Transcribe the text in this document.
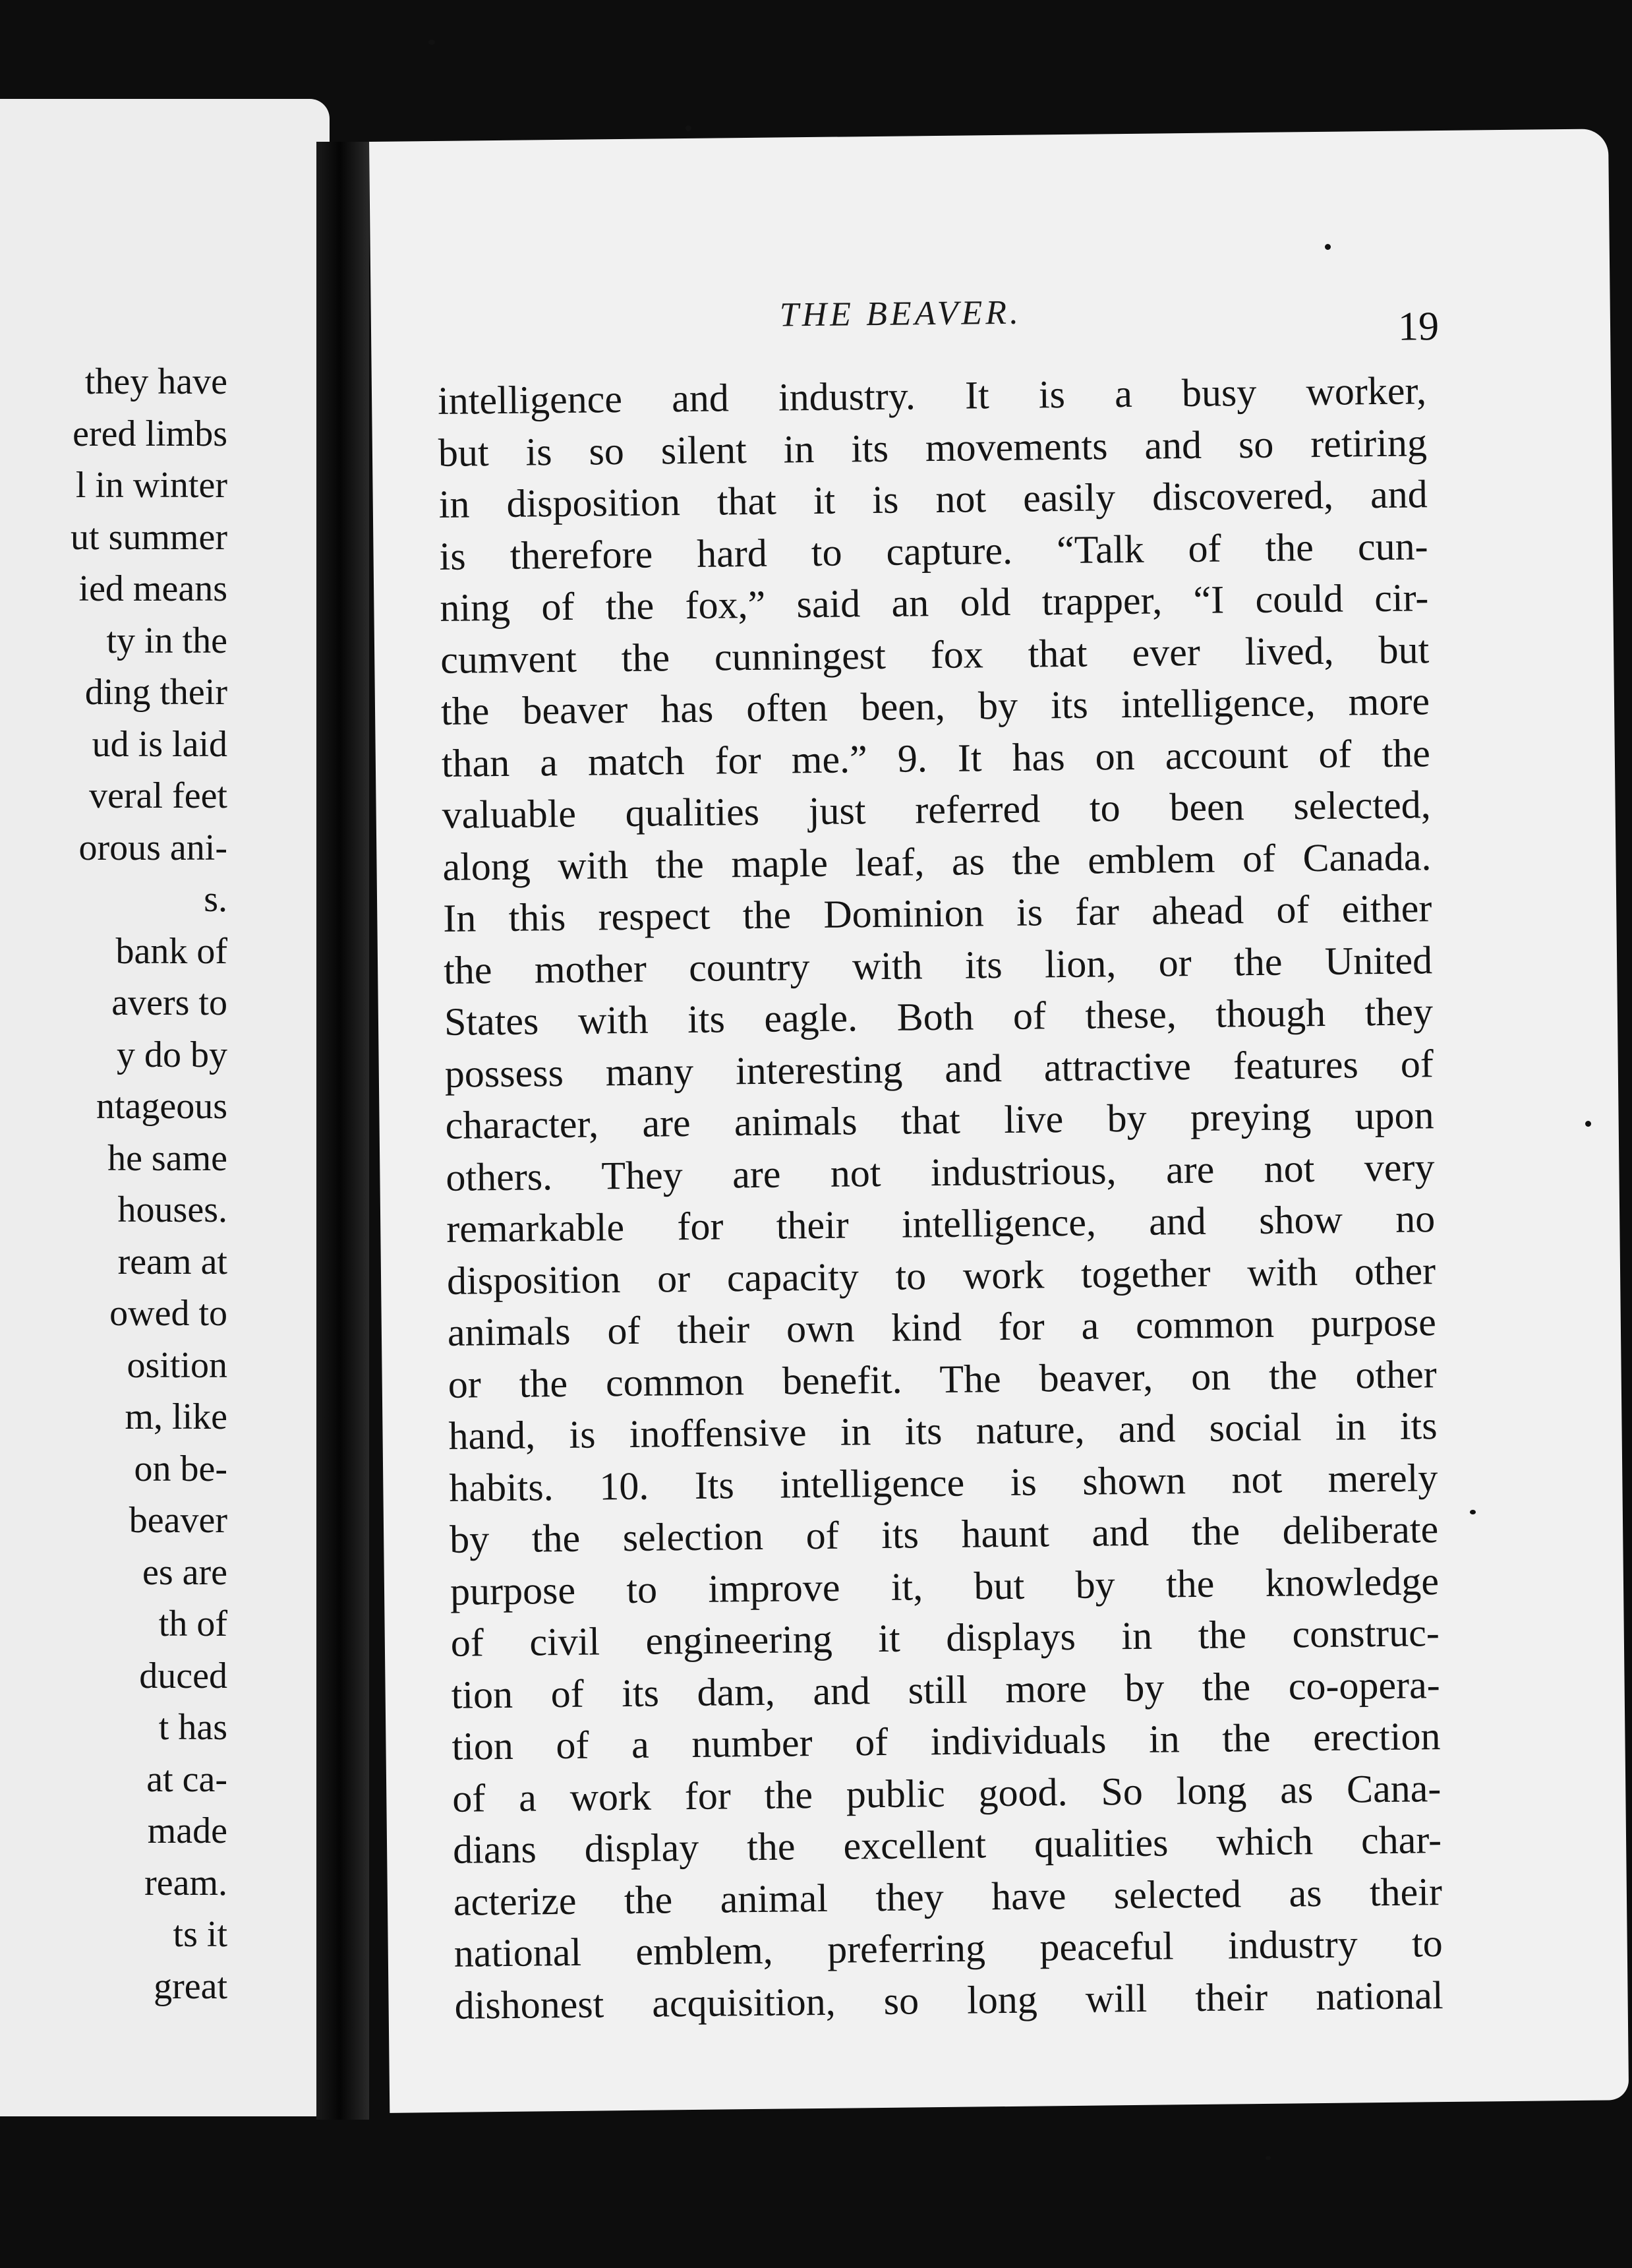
they have
ered limbs
l in winter
ut summer
ied means
ty in the
ding their
ud is laid
veral feet
orous ani-
s.
bank of
avers to
y do by
ntageous
he same
houses.
ream at
owed to
osition
m, like
on be-
beaver
es are
th of
duced
t has
at ca-
made
ream.
ts it
great
THE BEAVER.	19
intelligence and industry. It is a busy worker,
but is so silent in its movements and so retiring
in disposition that it is not easily discovered, and
is therefore hard to capture. “Talk of the cun-
ning of the fox,” said an old trapper, “I could cir-
cumvent the cunningest fox that ever lived, but
the beaver has often been, by its intelligence, more
than a match for me.” 9. It has on account of the
valuable qualities just referred to been selected,
along with the maple leaf, as the emblem of Canada.
In this respect the Dominion is far ahead of either
the mother country with its lion, or the United
States with its eagle. Both of these, though they
possess many interesting and attractive features of
character, are animals that live by preying upon
others. They are not industrious, are not very
remarkable for their intelligence, and show no
disposition or capacity to work together with other
animals of their own kind for a common purpose
or the common benefit. The beaver, on the other
hand, is inoffensive in its nature, and social in its
habits. 10. Its intelligence is shown not merely
by the selection of its haunt and the deliberate
purpose to improve it, but by the knowledge
of civil engineering it displays in the construc-
tion of its dam, and still more by the co-opera-
tion of a number of individuals in the erection
of a work for the public good. So long as Cana-
dians display the excellent qualities which char-
acterize the animal they have selected as their
national emblem, preferring peaceful industry to
dishonest acquisition, so long will their national
